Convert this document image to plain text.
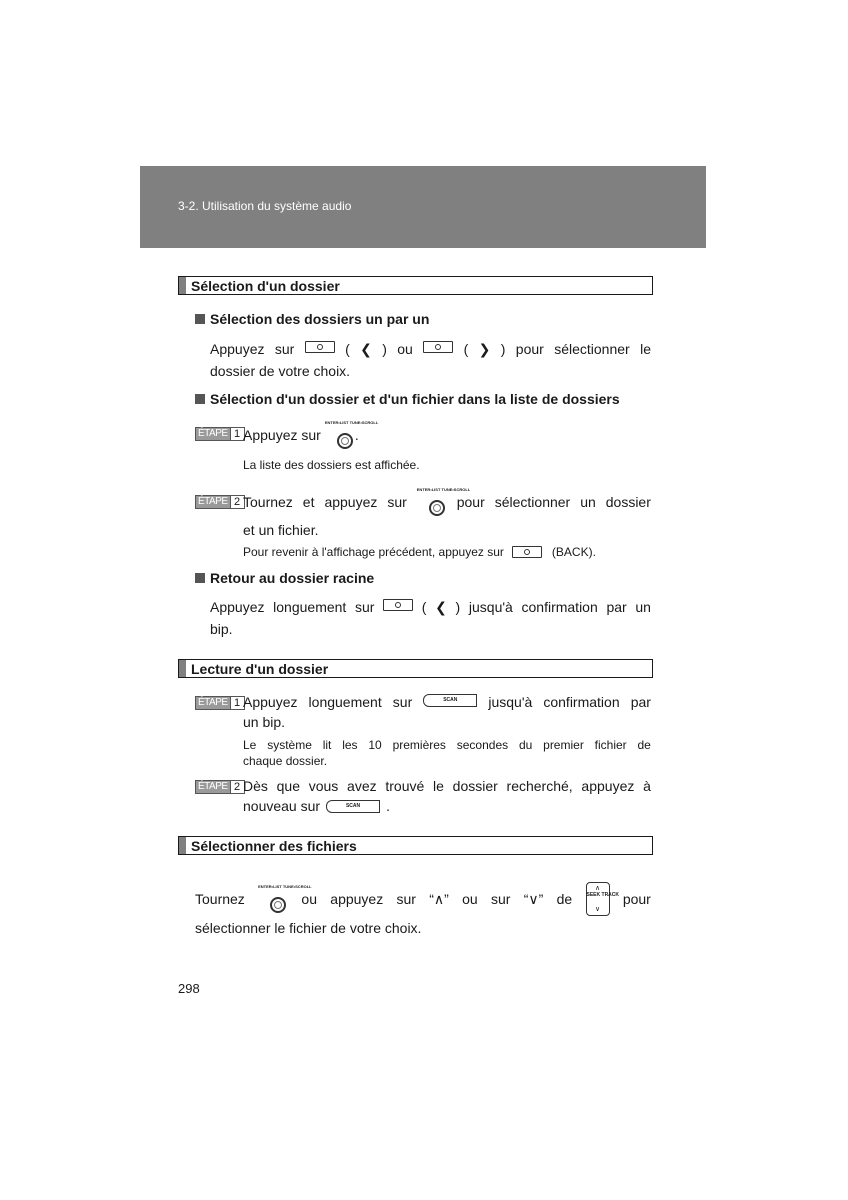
3-2. Utilisation du système audio
Sélection d'un dossier
Sélection des dossiers un par un
Appuyez sur	( ❮ ) ou	( ❯ ) pour sélectionner le
dossier de votre choix.
Sélection d'un dossier et d'un fichier dans la liste de dossiers
ÉTAPE 1 Appuyez sur
ENTER•LIST TUNE•SCROLL
.
La liste des dossiers est affichée.
ÉTAPE 2 Tournez et appuyez sur
ENTER•LIST TUNE•SCROLL
pour sélectionner un dossier
et un fichier.
Pour revenir à l'affichage précédent, appuyez sur	(BACK).
Retour au dossier racine
Appuyez longuement sur	( ❮ ) jusqu'à confirmation par un
bip.
Lecture d'un dossier
ÉTAPE 1 Appuyez longuement sur	SCAN	jusqu'à confirmation par
un bip.
Le système lit les 10 premières secondes du premier fichier de
chaque dossier.
ÉTAPE 2 Dès que vous avez trouvé le dossier recherché, appuyez à
nouveau sur	SCAN	.
Sélectionner des fichiers
Tournez
ENTER•LIST TUNE•SCROLL
ou appuyez sur “∧” ou sur “∨” de
∧
SEEK TRACK
∨
pour
sélectionner le fichier de votre choix.
298
